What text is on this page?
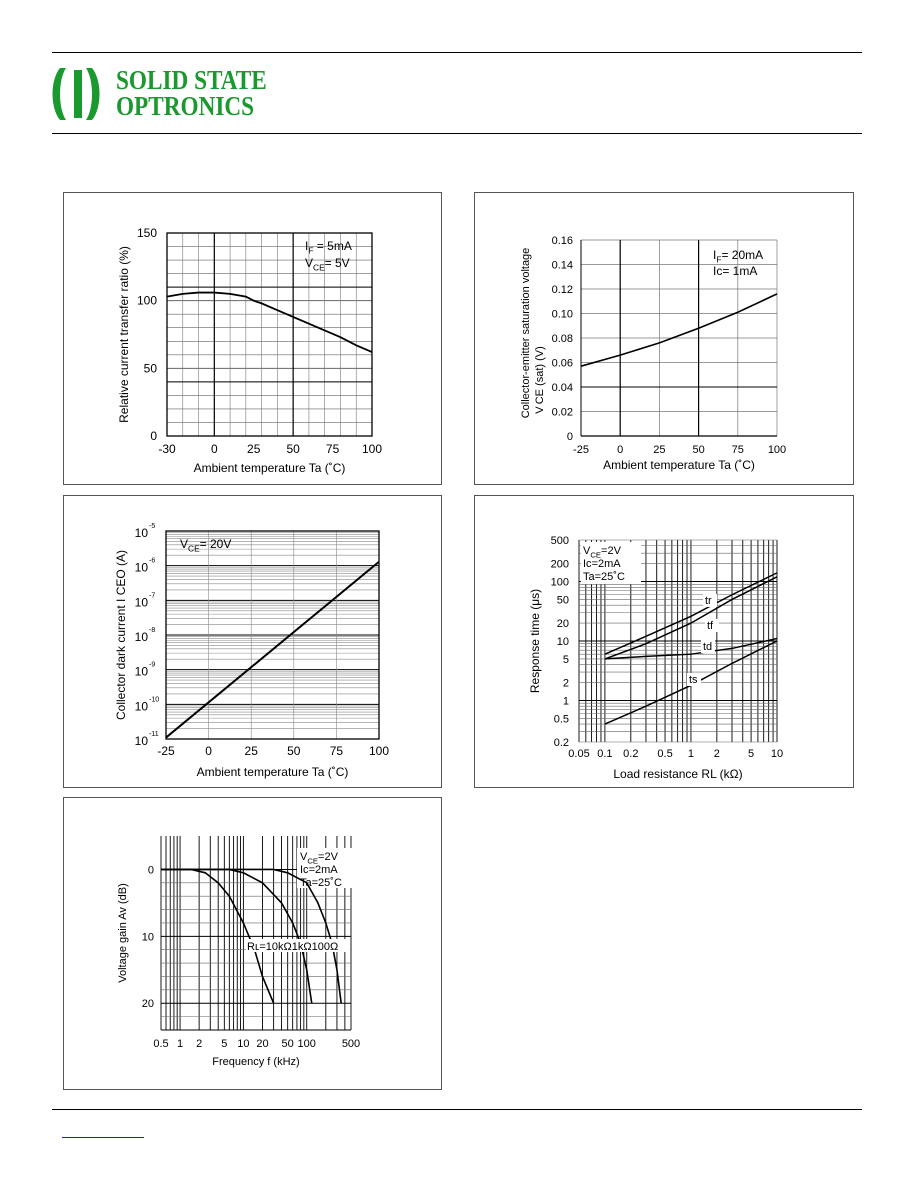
SOLID STATE
OPTRONICS
-30	0 25 50 75 100
0
50
100
150
Ambient temperature Ta (˚C)
Relative current transfer ratio (%)
$I_F = 5mA$
$V_{CE}= 5V$
-25	0	25 50 75 100
0
0.02
0.04
0.06
0.08
0.10
0.12
0.14
0.16
Ambient temperature Ta (˚C)
Collector-emitter saturation voltage V CE (sat) (V)
$I_F= 20mA$
Ic= 1mA
-25	0	25 50 75 100
10 -11
10 -10
10 -9
10 -8
10 -7
10 -6
10 -5
Ambient temperature Ta (˚C)
Collector dark current I CEO (A)
$V_{CE}= 20V$
0.05 0.1 0.2 0.5 1 2	5 10
0.2
0.5
1
2
5
10
20
50
100
200
500
Load resistance RL (kΩ)
Response time (μs)
$V_{CE}=2V$
Ic=2mA
Ta=25˚C
tr
tf
td
ts
0.5 1 2 5 10 20 50 100 500
0
10
20
Frequency f (kHz)
Voltage gain Av (dB)
$V_{CE}=2V$
Ic=2mA
Ta=25˚C
Rʟ=10kΩ1kΩ100Ω
